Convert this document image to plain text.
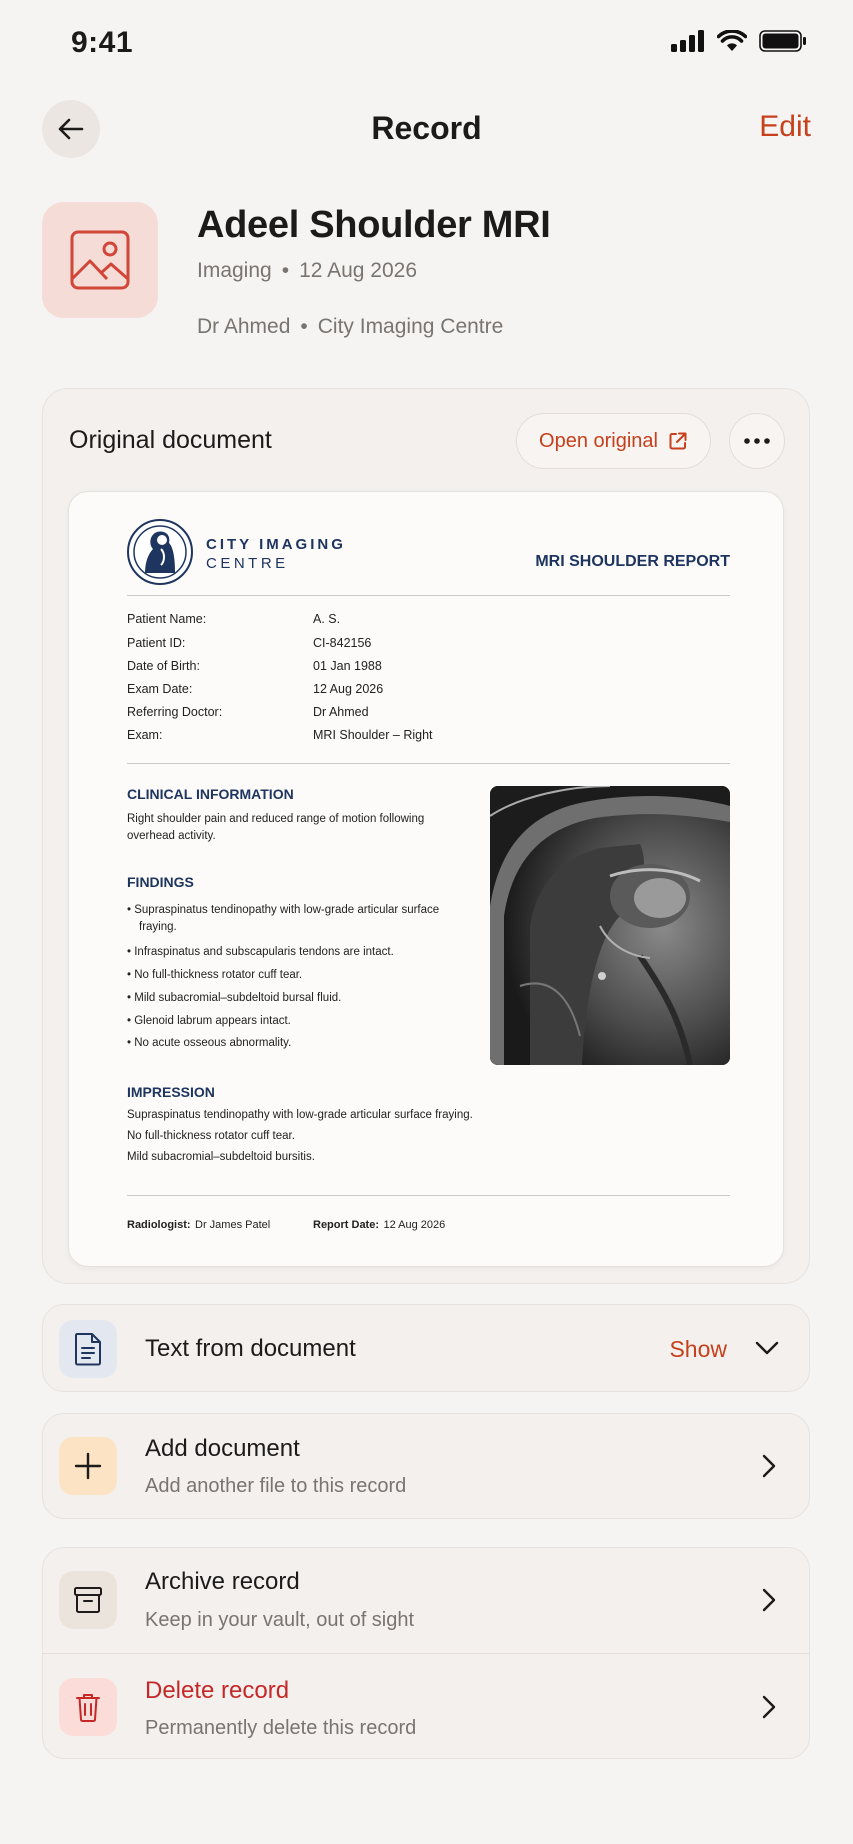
9:41
Record	Edit
Adeel Shoulder MRI
Imaging • 12 Aug 2026
Dr Ahmed • City Imaging Centre
Original document	Open original
CITY IMAGING
CENTRE	MRI SHOULDER REPORT
Patient Name:	A. S.
Patient ID:	CI-842156
Date of Birth:	01 Jan 1988
Exam Date:	12 Aug 2026
Referring Doctor:	Dr Ahmed
Exam:	MRI Shoulder – Right
CLINICAL INFORMATION
Right shoulder pain and reduced range of motion following overhead activity.
FINDINGS
• Supraspinatus tendinopathy with low-grade articular surface fraying.
• Infraspinatus and subscapularis tendons are intact.
• No full-thickness rotator cuff tear.
• Mild subacromial–subdeltoid bursal fluid.
• Glenoid labrum appears intact.
• No acute osseous abnormality.
IMPRESSION
Supraspinatus tendinopathy with low-grade articular surface fraying.
No full-thickness rotator cuff tear.
Mild subacromial–subdeltoid bursitis.
Radiologist: Dr James Patel	Report Date: 12 Aug 2026
Text from document	Show
Add document
Add another file to this record
Archive record
Keep in your vault, out of sight
Delete record
Permanently delete this record
